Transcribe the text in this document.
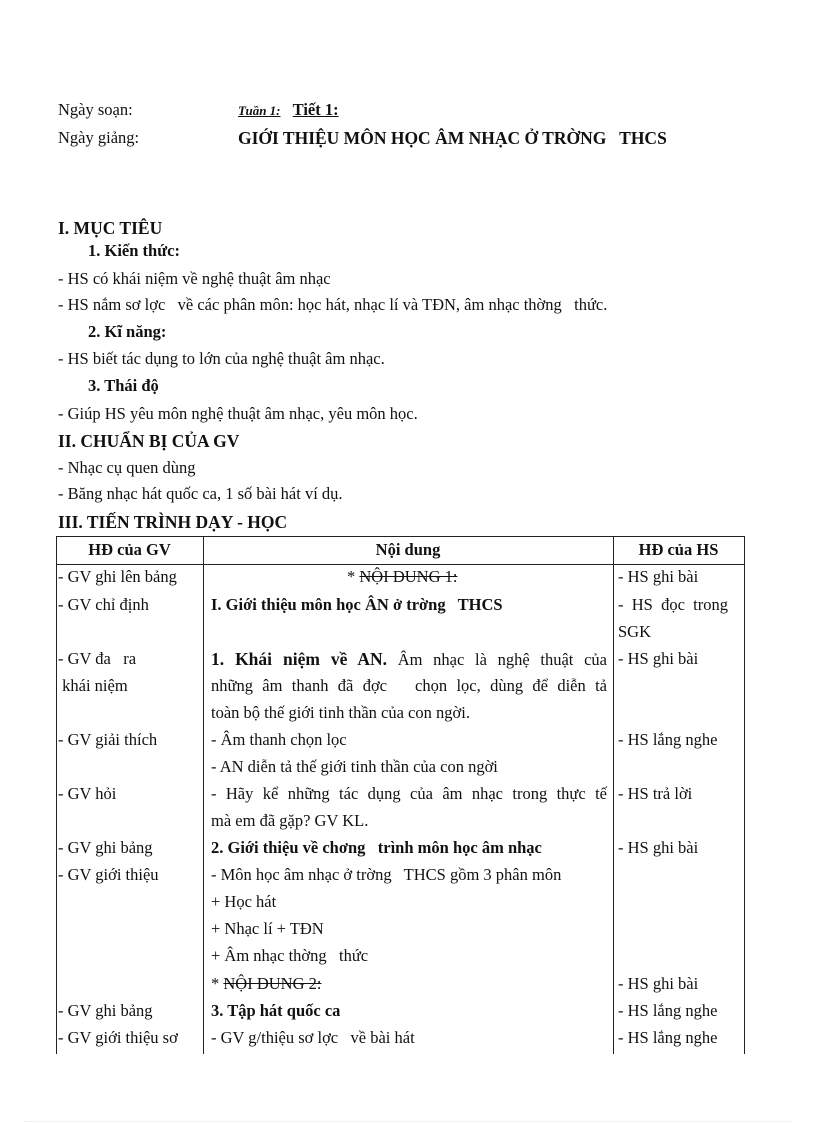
Ngày soạn:
Ngày giảng:
Tuần 1: Tiết 1:
GIỚI THIỆU MÔN HỌC ÂM NHẠC Ở TRỜNG   THCS
I. MỤC TIÊU
1. Kiến thức:
- HS có khái niệm về nghệ thuật âm nhạc
- HS nắm sơ lợc   về các phân môn: học hát, nhạc lí và TĐN, âm nhạc thờng   thức.
2. Kĩ năng:
- HS biết tác dụng to lớn của nghệ thuật âm nhạc.
3. Thái độ
- Giúp HS yêu môn nghệ thuật âm nhạc, yêu môn học.
II. CHUẨN BỊ CỦA GV
- Nhạc cụ quen dùng
- Băng nhạc hát quốc ca, 1 số bài hát ví dụ.
III. TIẾN TRÌNH DẠY - HỌC
HĐ của GV	Nội dung	HĐ của HS
- GV ghi lên bảng
- GV chỉ định
- GV đa   ra
khái niệm
- GV giải thích
- GV hỏi
- GV ghi bảng
- GV giới thiệu
- GV ghi bảng
- GV giới thiệu sơ
* NỘI DUNG 1:
I. Giới thiệu môn học ÂN ở trờng   THCS
1. Khái niệm về AN. Âm nhạc là nghệ thuật của
những âm thanh đã đợc   chọn lọc, dùng để diễn tả
toàn bộ thế giới tinh thần của con ngời.
- Âm thanh chọn lọc
- AN diễn tả thế giới tinh thần của con ngời
- Hãy kể những tác dụng của âm nhạc trong thực tế
mà em đã gặp? GV KL.
2. Giới thiệu về chơng   trình môn học âm nhạc
- Môn học âm nhạc ở trờng   THCS gồm 3 phân môn
+ Học hát
+ Nhạc lí + TĐN
+ Âm nhạc thờng   thức
* NỘI DUNG 2:
3. Tập hát quốc ca
- GV g/thiệu sơ lợc   về bài hát
- HS ghi bài
-  HS  đọc  trong
SGK
- HS ghi bài
- HS lắng nghe
- HS trả lời
- HS ghi bài
- HS ghi bài
- HS lắng nghe
- HS lắng nghe
